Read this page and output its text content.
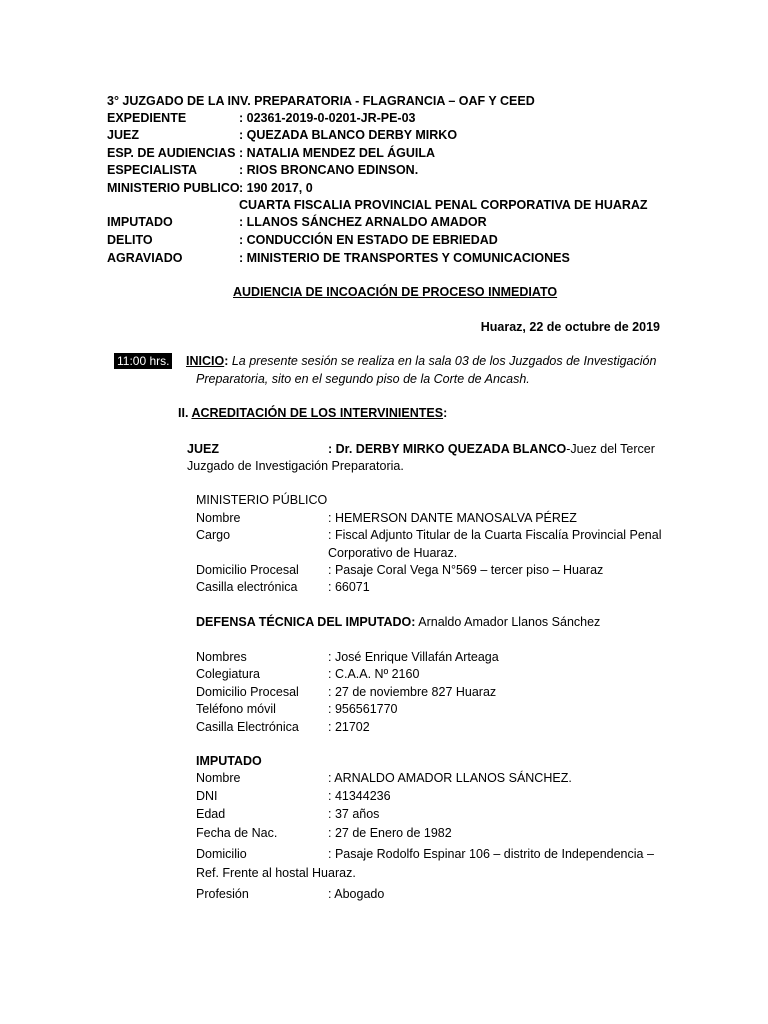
3° JUZGADO DE LA INV. PREPARATORIA - FLAGRANCIA – OAF Y CEED
EXPEDIENTE	: 02361-2019-0-0201-JR-PE-03
JUEZ	: QUEZADA BLANCO DERBY MIRKO
ESP. DE AUDIENCIAS : NATALIA MENDEZ DEL ÁGUILA
ESPECIALISTA	: RIOS BRONCANO EDINSON.
MINISTERIO PUBLICO : 190 2017, 0
CUARTA FISCALIA PROVINCIAL PENAL CORPORATIVA DE HUARAZ
IMPUTADO	: LLANOS SÁNCHEZ ARNALDO AMADOR
DELITO	: CONDUCCIÓN EN ESTADO DE EBRIEDAD
AGRAVIADO	: MINISTERIO DE TRANSPORTES Y COMUNICACIONES
AUDIENCIA DE INCOACIÓN DE PROCESO INMEDIATO
Huaraz, 22 de octubre de 2019
11:00 hrs. INICIO: La presente sesión se realiza en la sala 03 de los Juzgados de Investigación
Preparatoria, sito en el segundo piso de la Corte de Ancash.
II. ACREDITACIÓN DE LOS INTERVINIENTES:
JUEZ	: Dr. DERBY MIRKO QUEZADA BLANCO-Juez del Tercer
Juzgado de Investigación Preparatoria.
MINISTERIO PÚBLICO
Nombre	: HEMERSON DANTE MANOSALVA PÉREZ
Cargo	: Fiscal Adjunto Titular de la Cuarta Fiscalía Provincial Penal
Corporativo de Huaraz.
Domicilio Procesal : Pasaje Coral Vega N°569 – tercer piso – Huaraz
Casilla electrónica : 66071
DEFENSA TÉCNICA DEL IMPUTADO: Arnaldo Amador Llanos Sánchez
Nombres	: José Enrique Villafán Arteaga
Colegiatura	: C.A.A. Nº 2160
Domicilio Procesal : 27 de noviembre 827 Huaraz
Teléfono móvil	: 956561770
Casilla Electrónica : 21702
IMPUTADO
Nombre	: ARNALDO AMADOR LLANOS SÁNCHEZ.
DNI	: 41344236
Edad	: 37 años
Fecha de Nac.	: 27 de Enero de 1982
Domicilio	: Pasaje Rodolfo Espinar 106 – distrito de Independencia –
Ref. Frente al hostal Huaraz.
Profesión	: Abogado
